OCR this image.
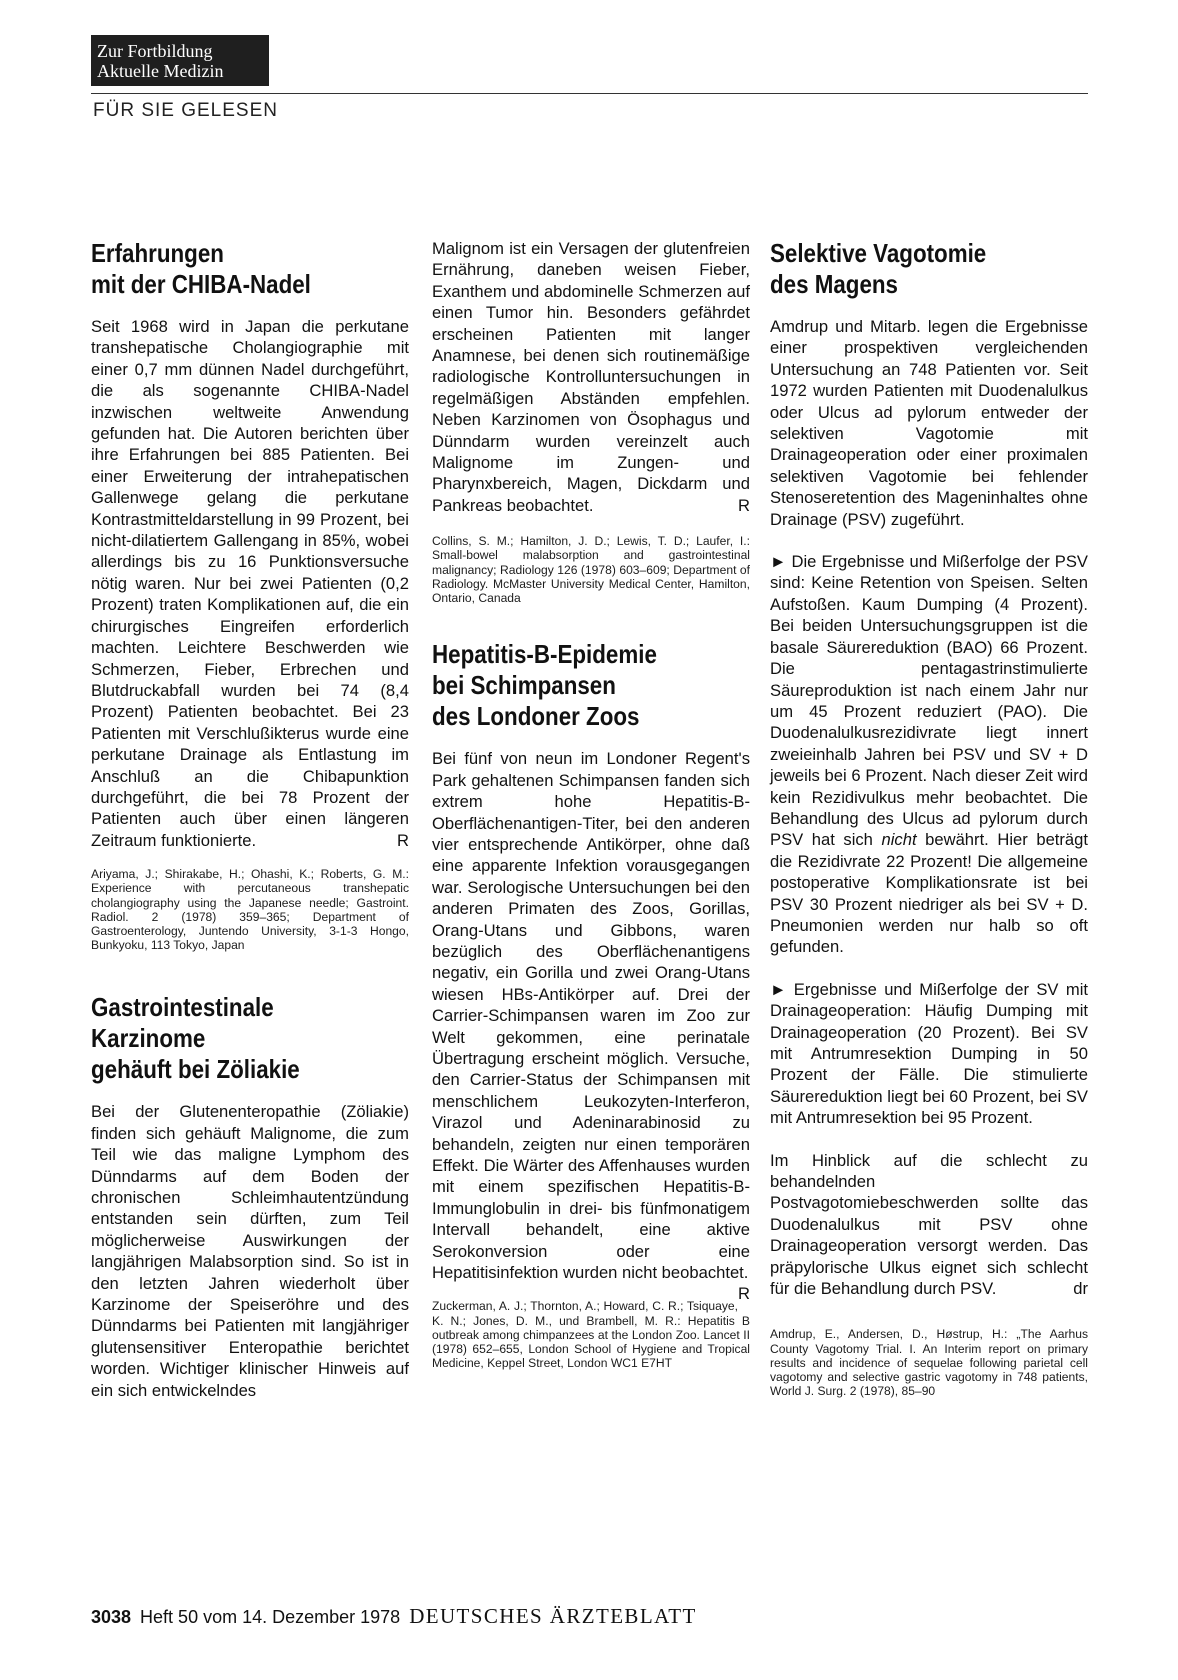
Zur Fortbildung
Aktuelle Medizin
FÜR SIE GELESEN
Erfahrungen
mit der CHIBA-Nadel

Seit 1968 wird in Japan die perkutane transhepatische Cholangiographie mit einer 0,7 mm dünnen Nadel durchgeführt, die als sogenannte CHIBA-Nadel inzwischen weltweite Anwendung gefunden hat. Die Autoren berichten über ihre Erfahrungen bei 885 Patienten. Bei einer Erweiterung der intrahepatischen Gallenwege gelang die perkutane Kontrastmitteldarstellung in 99 Prozent, bei nicht-dilatiertem Gallengang in 85%, wobei allerdings bis zu 16 Punktionsversuche nötig waren. Nur bei zwei Patienten (0,2 Prozent) traten Komplikationen auf, die ein chirurgisches Eingreifen erforderlich machten. Leichtere Beschwerden wie Schmerzen, Fieber, Erbrechen und Blutdruckabfall wurden bei 74 (8,4 Prozent) Patienten beobachtet. Bei 23 Patienten mit Verschlußikterus wurde eine perkutane Drainage als Entlastung im Anschluß an die Chibapunktion durchgeführt, die bei 78 Prozent der Patienten auch über einen längeren Zeitraum funktionierte.	R

Ariyama, J.; Shirakabe, H.; Ohashi, K.; Roberts, G. M.: Experience with percutaneous transhepatic cholangiography using the Japanese needle; Gastroint. Radiol. 2 (1978) 359–365; Department of Gastroenterology, Juntendo University, 3-1-3 Hongo, Bunkyoku, 113 Tokyo, Japan

Gastrointestinale
Karzinome
gehäuft bei Zöliakie

Bei der Glutenenteropathie (Zöliakie) finden sich gehäuft Malignome, die zum Teil wie das maligne Lymphom des Dünndarms auf dem Boden der chronischen Schleimhautentzündung entstanden sein dürften, zum Teil möglicherweise Auswirkungen der langjährigen Malabsorption sind. So ist in den letzten Jahren wiederholt über Karzinome der Speiseröhre und des Dünndarms bei Patienten mit langjähriger glutensensitiver Enteropathie berichtet worden. Wichtiger klinischer Hinweis auf ein sich entwickelndes

Malignom ist ein Versagen der glutenfreien Ernährung, daneben weisen Fieber, Exanthem und abdominelle Schmerzen auf einen Tumor hin. Besonders gefährdet erscheinen Patienten mit langer Anamnese, bei denen sich routinemäßige radiologische Kontrolluntersuchungen in regelmäßigen Abständen empfehlen. Neben Karzinomen von Ösophagus und Dünndarm wurden vereinzelt auch Malignome im Zungen- und Pharynxbereich, Magen, Dickdarm und Pankreas beobachtet.	R

Collins, S. M.; Hamilton, J. D.; Lewis, T. D.; Laufer, I.: Small-bowel malabsorption and gastrointestinal malignancy; Radiology 126 (1978) 603–609; Department of Radiology. McMaster University Medical Center, Hamilton, Ontario, Canada

Hepatitis-B-Epidemie
bei Schimpansen
des Londoner Zoos

Bei fünf von neun im Londoner Regent's Park gehaltenen Schimpansen fanden sich extrem hohe Hepatitis-B-Oberflächenantigen-Titer, bei den anderen vier entsprechende Antikörper, ohne daß eine apparente Infektion vorausgegangen war. Serologische Untersuchungen bei den anderen Primaten des Zoos, Gorillas, Orang-Utans und Gibbons, waren bezüglich des Oberflächenantigens negativ, ein Gorilla und zwei Orang-Utans wiesen HBs-Antikörper auf. Drei der Carrier-Schimpansen waren im Zoo zur Welt gekommen, eine perinatale Übertragung erscheint möglich. Versuche, den Carrier-Status der Schimpansen mit menschlichem Leukozyten-Interferon, Virazol und Adeninarabinosid zu behandeln, zeigten nur einen temporären Effekt. Die Wärter des Affenhauses wurden mit einem spezifischen Hepatitis-B-Immunglobulin in drei- bis fünfmonatigem Intervall behandelt, eine aktive Serokonversion oder eine Hepatitisinfektion wurden nicht beobachtet.
R

Zuckerman, A. J.; Thornton, A.; Howard, C. R.; Tsiquaye, K. N.; Jones, D. M., und Brambell, M. R.: Hepatitis B outbreak among chimpanzees at the London Zoo. Lancet II (1978) 652–655, London School of Hygiene and Tropical Medicine, Keppel Street, London WC1 E7HT

Selektive Vagotomie
des Magens

Amdrup und Mitarb. legen die Ergebnisse einer prospektiven vergleichenden Untersuchung an 748 Patienten vor. Seit 1972 wurden Patienten mit Duodenalulkus oder Ulcus ad pylorum entweder der selektiven Vagotomie mit Drainageoperation oder einer proximalen selektiven Vagotomie bei fehlender Stenoseretention des Mageninhaltes ohne Drainage (PSV) zugeführt.

► Die Ergebnisse und Mißerfolge der PSV sind: Keine Retention von Speisen. Selten Aufstoßen. Kaum Dumping (4 Prozent). Bei beiden Untersuchungsgruppen ist die basale Säurereduktion (BAO) 66 Prozent. Die pentagastrinstimulierte Säureproduktion ist nach einem Jahr nur um 45 Prozent reduziert (PAO). Die Duodenalulkusrezidivrate liegt innert zweieinhalb Jahren bei PSV und SV + D jeweils bei 6 Prozent. Nach dieser Zeit wird kein Rezidivulkus mehr beobachtet. Die Behandlung des Ulcus ad pylorum durch PSV hat sich nicht bewährt. Hier beträgt die Rezidivrate 22 Prozent! Die allgemeine postoperative Komplikationsrate ist bei PSV 30 Prozent niedriger als bei SV + D. Pneumonien werden nur halb so oft gefunden.

► Ergebnisse und Mißerfolge der SV mit Drainageoperation: Häufig Dumping mit Drainageoperation (20 Prozent). Bei SV mit Antrumresektion Dumping in 50 Prozent der Fälle. Die stimulierte Säurereduktion liegt bei 60 Prozent, bei SV mit Antrumresektion bei 95 Prozent.

Im Hinblick auf die schlecht zu behandelnden Postvagotomiebeschwerden sollte das Duodenalulkus mit PSV ohne Drainageoperation versorgt werden. Das präpylorische Ulkus eignet sich schlecht für die Behandlung durch PSV.	dr

Amdrup, E., Andersen, D., Høstrup, H.: „The Aarhus County Vagotomy Trial. I. An Interim report on primary results and incidence of sequelae following parietal cell vagotomy and selective gastric vagotomy in 748 patients, World J. Surg. 2 (1978), 85–90

3038 Heft 50 vom 14. Dezember 1978 DEUTSCHES ÄRZTEBLATT
